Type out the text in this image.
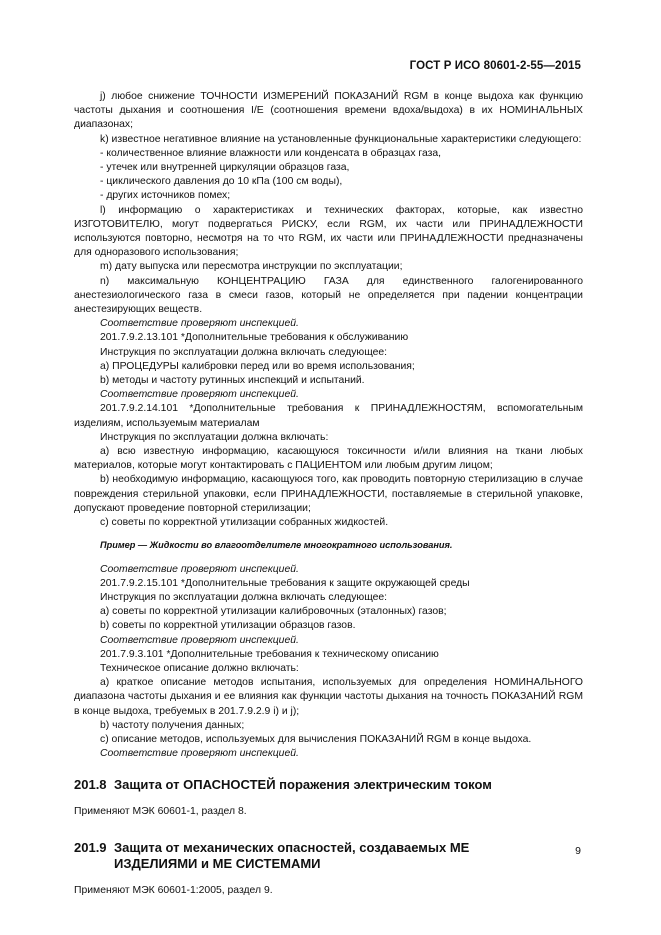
ГОСТ Р ИСО 80601-2-55—2015

j) любое снижение ТОЧНОСТИ ИЗМЕРЕНИЙ ПОКАЗАНИЙ RGM в конце выдоха как функцию частоты дыхания и соотношения I/E (соотношения времени вдоха/выдоха) в их НОМИНАЛЬНЫХ диапазонах;

k) известное негативное влияние на установленные функциональные характеристики следующего:

- количественное влияние влажности или конденсата в образцах газа,

- утечек или внутренней циркуляции образцов газа,

- циклического давления до 10 кПа (100 см воды),

- других источников помех;

l) информацию о характеристиках и технических факторах, которые, как известно ИЗГОТОВИТЕЛЮ, могут подвергаться РИСКУ, если RGM, их части или ПРИНАДЛЕЖНОСТИ используются повторно, несмотря на то что RGM, их части или ПРИНАДЛЕЖНОСТИ предназначены для одноразового использования;

m) дату выпуска или пересмотра инструкции по эксплуатации;

n) максимальную КОНЦЕНТРАЦИЮ ГАЗА для единственного галогенированного анестезиологического газа в смеси газов, который не определяется при падении концентрации анестезирующих веществ.

Соответствие проверяют инспекцией.

201.7.9.2.13.101 *Дополнительные требования к обслуживанию

Инструкция по эксплуатации должна включать следующее:

a) ПРОЦЕДУРЫ калибровки перед или во время использования;

b) методы и частоту рутинных инспекций и испытаний.

Соответствие проверяют инспекцией.

201.7.9.2.14.101 *Дополнительные требования к ПРИНАДЛЕЖНОСТЯМ, вспомогательным изделиям, используемым материалам

Инструкция по эксплуатации должна включать:

a) всю известную информацию, касающуюся токсичности и/или влияния на ткани любых материалов, которые могут контактировать с ПАЦИЕНТОМ или любым другим лицом;

b) необходимую информацию, касающуюся того, как проводить повторную стерилизацию в случае повреждения стерильной упаковки, если ПРИНАДЛЕЖНОСТИ, поставляемые в стерильной упаковке, допускают проведение повторной стерилизации;

c) советы по корректной утилизации собранных жидкостей.

Пример — Жидкости во влагоотделителе многократного использования.

Соответствие проверяют инспекцией.

201.7.9.2.15.101 *Дополнительные требования к защите окружающей среды

Инструкция по эксплуатации должна включать следующее:

a) советы по корректной утилизации калибровочных (эталонных) газов;

b) советы по корректной утилизации образцов газов.

Соответствие проверяют инспекцией.

201.7.9.3.101 *Дополнительные требования к техническому описанию

Техническое описание должно включать:

a) краткое описание методов испытания, используемых для определения НОМИНАЛЬНОГО диапазона частоты дыхания и ее влияния как функции частоты дыхания на точность ПОКАЗАНИЙ RGM в конце выдоха, требуемых в 201.7.9.2.9 i) и j);

b) частоту получения данных;

c) описание методов, используемых для вычисления ПОКАЗАНИЙ RGM в конце выдоха.

Соответствие проверяют инспекцией.

201.8 Защита от ОПАСНОСТЕЙ поражения электрическим током

Применяют МЭК 60601-1, раздел 8.

201.9 Защита от механических опасностей, создаваемых МЕ ИЗДЕЛИЯМИ и МЕ СИСТЕМАМИ

Применяют МЭК 60601-1:2005, раздел 9.

9
